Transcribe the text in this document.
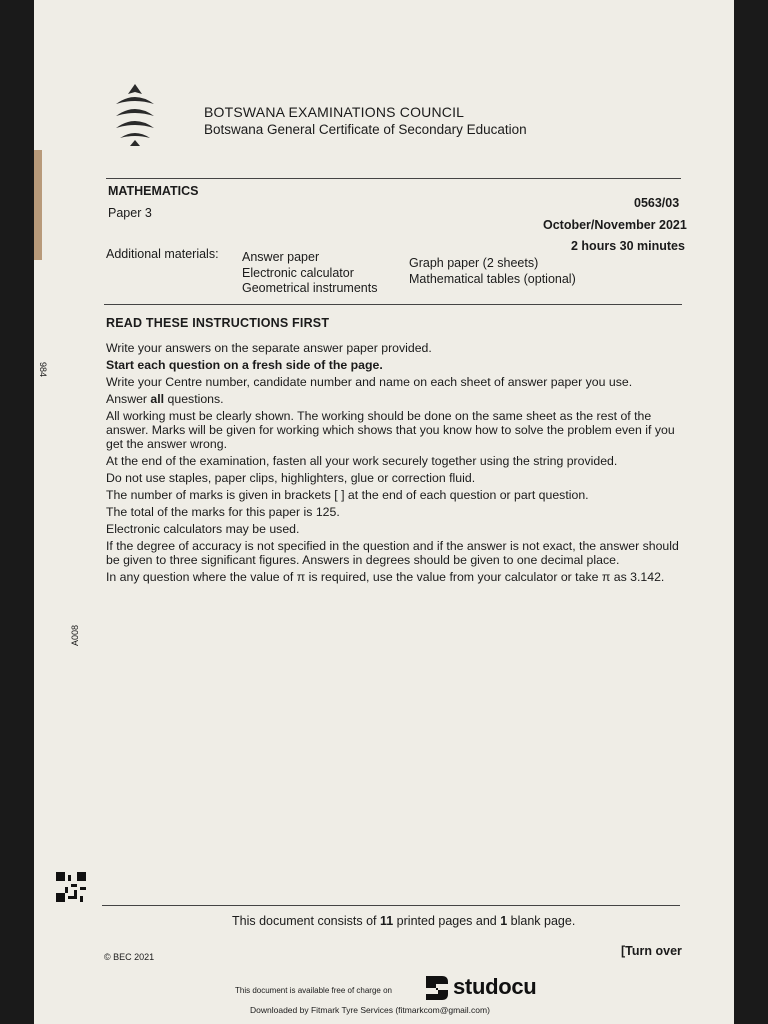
BOTSWANA EXAMINATIONS COUNCIL
Botswana General Certificate of Secondary Education
MATHEMATICS
Paper 3
0563/03
October/November 2021
2 hours 30 minutes
Additional materials: Answer paper
Electronic calculator
Geometrical instruments
Graph paper (2 sheets)
Mathematical tables (optional)
READ THESE INSTRUCTIONS FIRST

Write your answers on the separate answer paper provided.

Start each question on a fresh side of the page.

Write your Centre number, candidate number and name on each sheet of answer paper you use.

Answer all questions.

All working must be clearly shown. The working should be done on the same sheet as the rest of the answer. Marks will be given for working which shows that you know how to solve the problem even if you get the answer wrong.

At the end of the examination, fasten all your work securely together using the string provided.

Do not use staples, paper clips, highlighters, glue or correction fluid.

The number of marks is given in brackets [ ] at the end of each question or part question.

The total of the marks for this paper is 125.

Electronic calculators may be used.

If the degree of accuracy is not specified in the question and if the answer is not exact, the answer should be given to three significant figures. Answers in degrees should be given to one decimal place.

In any question where the value of π is required, use the value from your calculator or take π as 3.142.

984
A008
This document consists of 11 printed pages and 1 blank page.
© BEC 2021	[Turn over
This document is available free of charge on	studocu
Downloaded by Fitmark Tyre Services (fitmarkcom@gmail.com)
